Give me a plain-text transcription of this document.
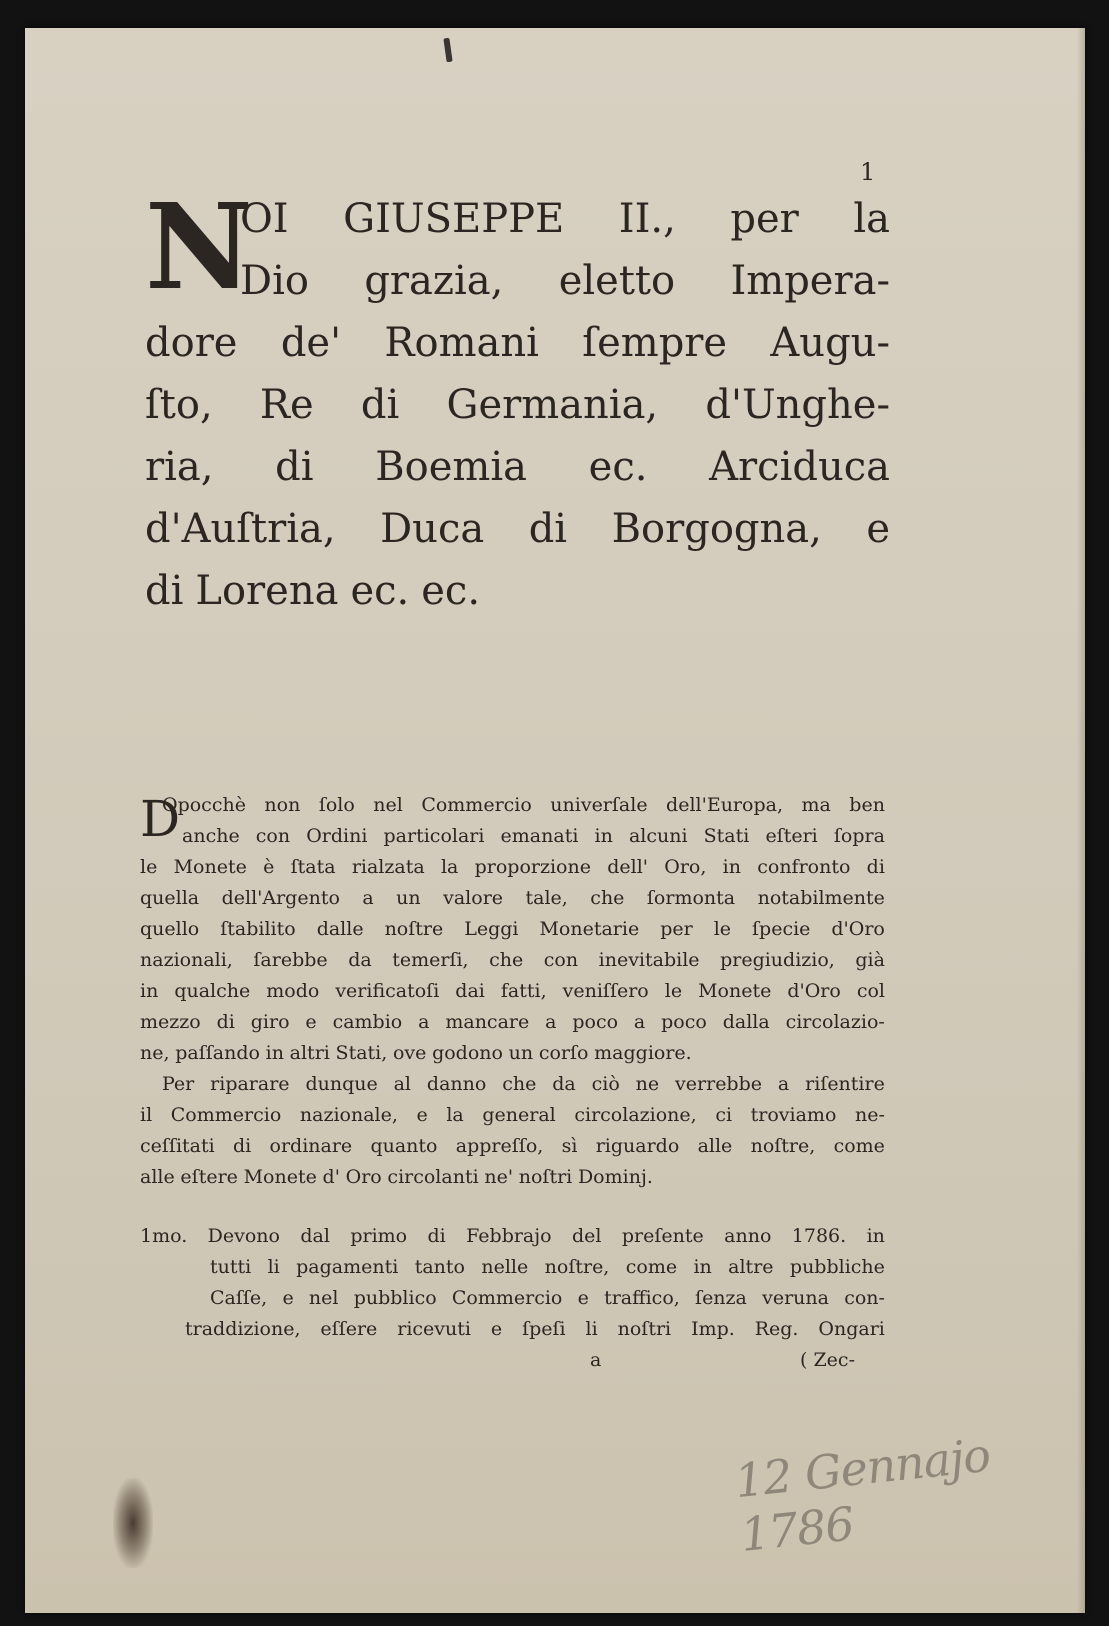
1
N
OI GIUSEPPE II., per la
Dio grazia, eletto Impera-
dore de' Romani ſempre Augu-
ſto, Re di Germania, d'Unghe-
ria, di Boemia ec. Arciduca
d'Auſtria, Duca di Borgogna, e
di Lorena ec. ec.
D
Opocchè non ſolo nel Commercio univerſale dell'Europa, ma ben
anche con Ordini particolari emanati in alcuni Stati eſteri ſopra
le Monete è ſtata rialzata la proporzione dell' Oro, in confronto di
quella dell'Argento a un valore tale, che ſormonta notabilmente
quello ſtabilito dalle noſtre Leggi Monetarie per le ſpecie d'Oro
nazionali, ſarebbe da temerſi, che con inevitabile pregiudizio, già
in qualche modo verificatoſi dai fatti, veniſſero le Monete d'Oro col
mezzo di giro e cambio a mancare a poco a poco dalla circolazio-
ne, paſſando in altri Stati, ove godono un corſo maggiore.
Per riparare dunque al danno che da ciò ne verrebbe a riſentire
il Commercio nazionale, e la general circolazione, ci troviamo ne-
ceſſitati di ordinare quanto appreſſo, sì riguardo alle noſtre, come
alle eſtere Monete d' Oro circolanti ne' noſtri Dominj.
1mo. Devono dal primo di Febbrajo del preſente anno 1786. in
tutti li pagamenti tanto nelle noſtre, come in altre pubbliche
Caſſe, e nel pubblico Commercio e traffico, ſenza veruna con-
traddizione, eſſere ricevuti e ſpeſi li noſtri Imp. Reg. Ongari
a	( Zec-
12 Gennajo 1786
